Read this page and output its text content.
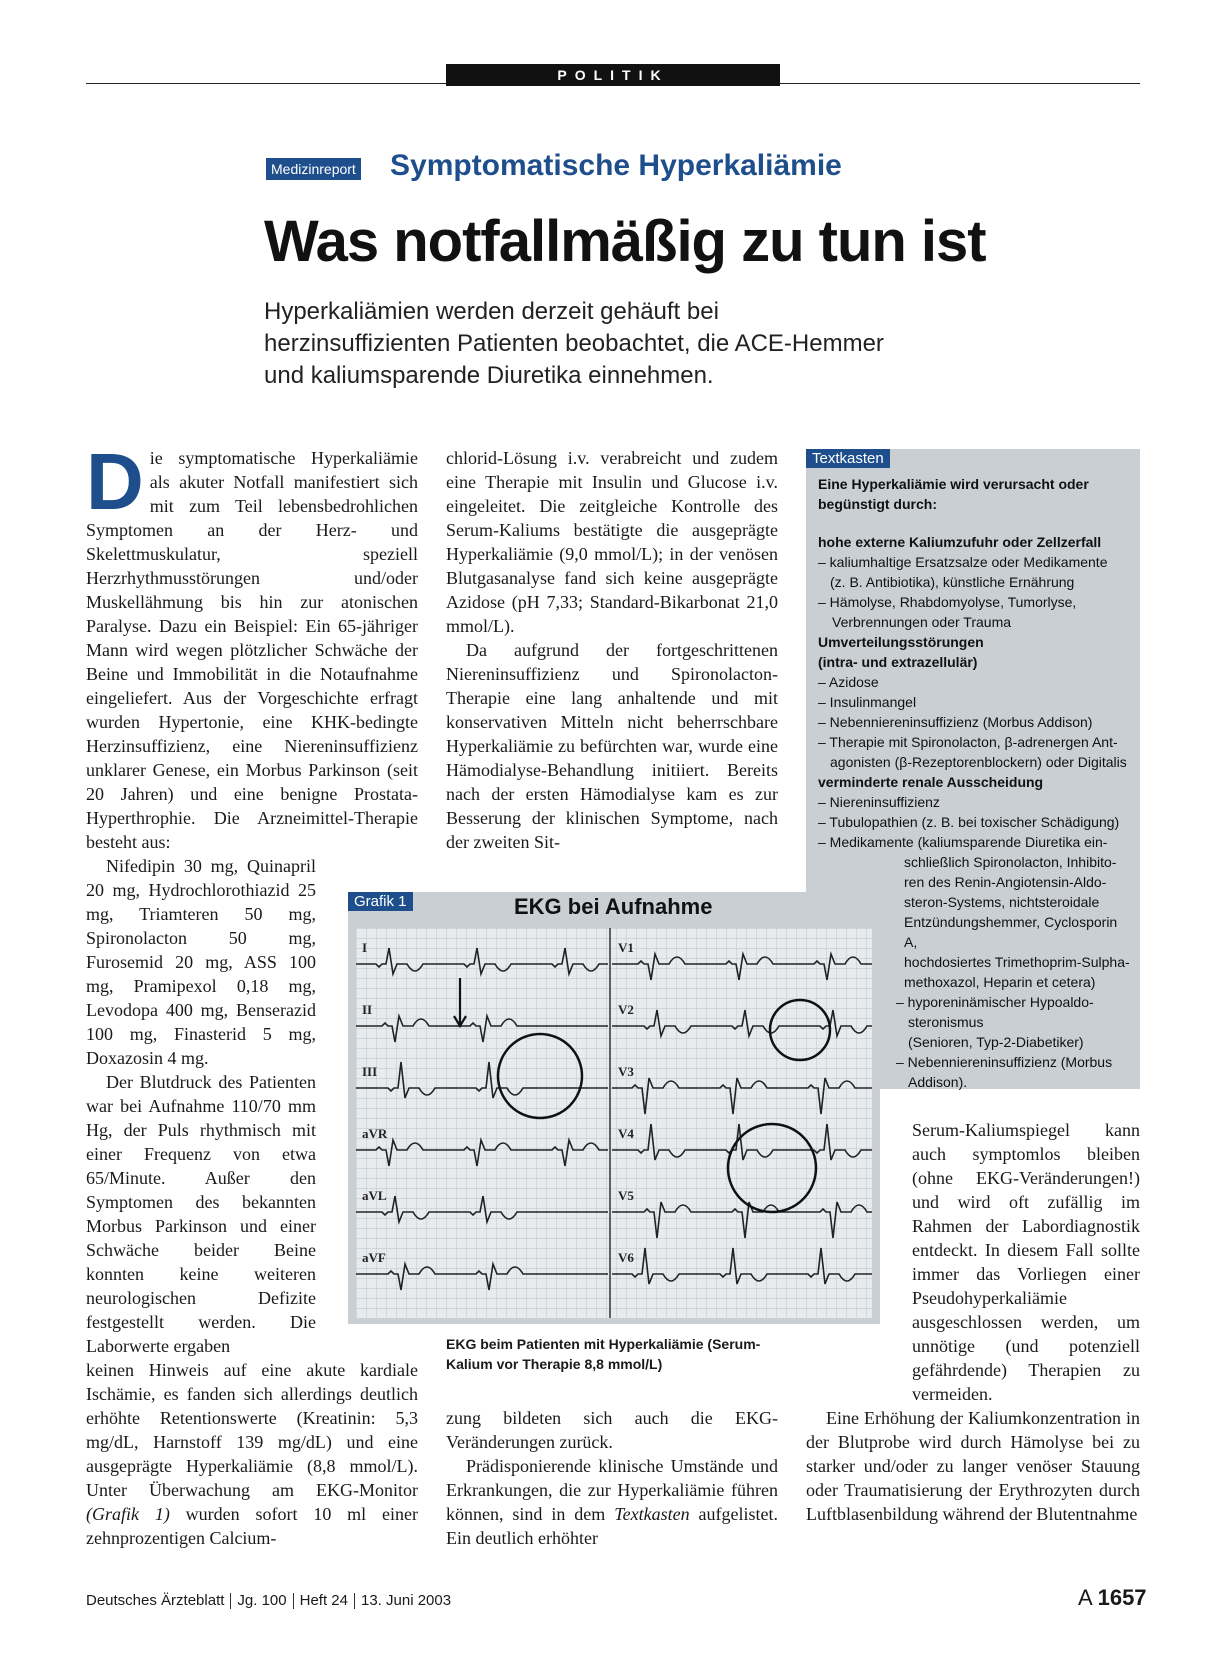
POLITIK
Medizinreport Symptomatische Hyperkaliämie
Was notfallmäßig zu tun ist
Hyperkaliämien werden derzeit gehäuft bei
herzinsuffizienten Patienten beobachtet, die ACE-Hemmer
und kaliumsparende Diuretika einnehmen.

Die symptomatische Hyperkaliämie als akuter Notfall manifestiert sich mit zum Teil lebensbedrohlichen Symptomen an der Herz- und Skelettmuskulatur, speziell Herzrhythmusstörungen und/oder Muskellähmung bis hin zur atonischen Paralyse. Dazu ein Beispiel: Ein 65-jähriger Mann wird wegen plötzlicher Schwäche der Beine und Immobilität in die Notaufnahme eingeliefert. Aus der Vorgeschichte erfragt wurden Hypertonie, eine KHK-bedingte Herzinsuffizienz, eine Niereninsuffizienz unklarer Genese, ein Morbus Parkinson (seit 20 Jahren) und eine benigne Prostata-Hyperthrophie. Die Arzneimittel-Therapie besteht aus:

Nifedipin 30 mg, Quinapril 20 mg, Hydrochlorothiazid 25 mg, Triamteren 50 mg, Spironolacton 50 mg, Furosemid 20 mg, ASS 100 mg, Pramipexol 0,18 mg, Levodopa 400 mg, Benserazid 100 mg, Finasterid 5 mg, Doxazosin 4 mg.

Der Blutdruck des Patienten war bei Aufnahme 110/70 mm Hg, der Puls rhythmisch mit einer Frequenz von etwa 65/Minute. Außer den Symptomen des bekannten Morbus Parkinson und einer Schwäche beider Beine konnten keine weiteren neurologischen Defizite festgestellt werden. Die Laborwerte ergaben

keinen Hinweis auf eine akute kardiale Ischämie, es fanden sich allerdings deutlich erhöhte Retentionswerte (Kreatinin: 5,3 mg/dL, Harnstoff 139 mg/dL) und eine ausgeprägte Hyperkaliämie (8,8 mmol/L). Unter Überwachung am EKG-Monitor (Grafik 1) wurden sofort 10 ml einer zehnprozentigen Calcium-

chlorid-Lösung i.v. verabreicht und zudem eine Therapie mit Insulin und Glucose i.v. eingeleitet. Die zeitgleiche Kontrolle des Serum-Kaliums bestätigte die ausgeprägte Hyperkaliämie (9,0 mmol/L); in der venösen Blutgasanalyse fand sich keine ausgeprägte Azidose (pH 7,33; Standard-Bikarbonat 21,0 mmol/L).

Da aufgrund der fortgeschrittenen Niereninsuffizienz und Spironolacton-Therapie eine lang anhaltende und mit konservativen Mitteln nicht beherrschbare Hyperkaliämie zu befürchten war, wurde eine Hämodialyse-Behandlung initiiert. Bereits nach der ersten Hämodialyse kam es zur Besserung der klinischen Symptome, nach der zweiten Sit-

zung bildeten sich auch die EKG-Veränderungen zurück.

Prädisponierende klinische Umstände und Erkrankungen, die zur Hyperkaliämie führen können, sind in dem Textkasten aufgelistet. Ein deutlich erhöhter

Textkasten
Eine Hyperkaliämie wird verursacht oder begünstigt durch:
hohe externe Kaliumzufuhr oder Zellzerfall
– kaliumhaltige Ersatzsalze oder Medikamente
(z. B. Antibiotika), künstliche Ernährung
– Hämolyse, Rhabdomyolyse, Tumorlyse,
Verbrennungen oder Trauma
Umverteilungsstörungen
(intra- und extrazellulär)
– Azidose
– Insulinmangel
– Nebenniereninsuffizienz (Morbus Addison)
– Therapie mit Spironolacton, β-adrenergen Ant-
agonisten (β-Rezeptorenblockern) oder Digitalis
verminderte renale Ausscheidung
– Niereninsuffizienz
– Tubulopathien (z. B. bei toxischer Schädigung)
– Medikamente (kaliumsparende Diuretika ein-
schließlich Spironolacton, Inhibito-
ren des Renin-Angiotensin-Aldo-
steron-Systems, nichtsteroidale
Entzündungshemmer, Cyclosporin A,
hochdosiertes Trimethoprim-Sulpha-
methoxazol, Heparin et cetera)
– hyporeninämischer Hypoaldo-
steronismus
(Senioren, Typ-2-Diabetiker)
– Nebenniereninsuffizienz (Morbus
Addison).

Serum-Kaliumspiegel kann auch symptomlos bleiben (ohne EKG-Veränderungen!) und wird oft zufällig im Rahmen der Labordiagnostik entdeckt. In diesem Fall sollte immer das Vorliegen einer Pseudohyperkaliämie ausgeschlossen werden, um unnötige (und potenziell gefährdende) Therapien zu vermeiden.

Eine Erhöhung der Kaliumkonzentration in der Blutprobe wird durch Hämolyse bei zu starker und/oder zu langer venöser Stauung oder Traumatisierung der Erythrozyten durch Luftblasenbildung während der Blutentnahme

Grafik 1	EKG bei Aufnahme
I
II
III
aVR
aVL
aVF
V1
V2
V3
V4
V5
V6
EKG beim Patienten mit Hyperkaliämie (Serum-Kalium vor Therapie 8,8 mmol/L)
Deutsches Ärzteblatt Jg. 100 Heft 24 13. Juni 2003	A 1657
